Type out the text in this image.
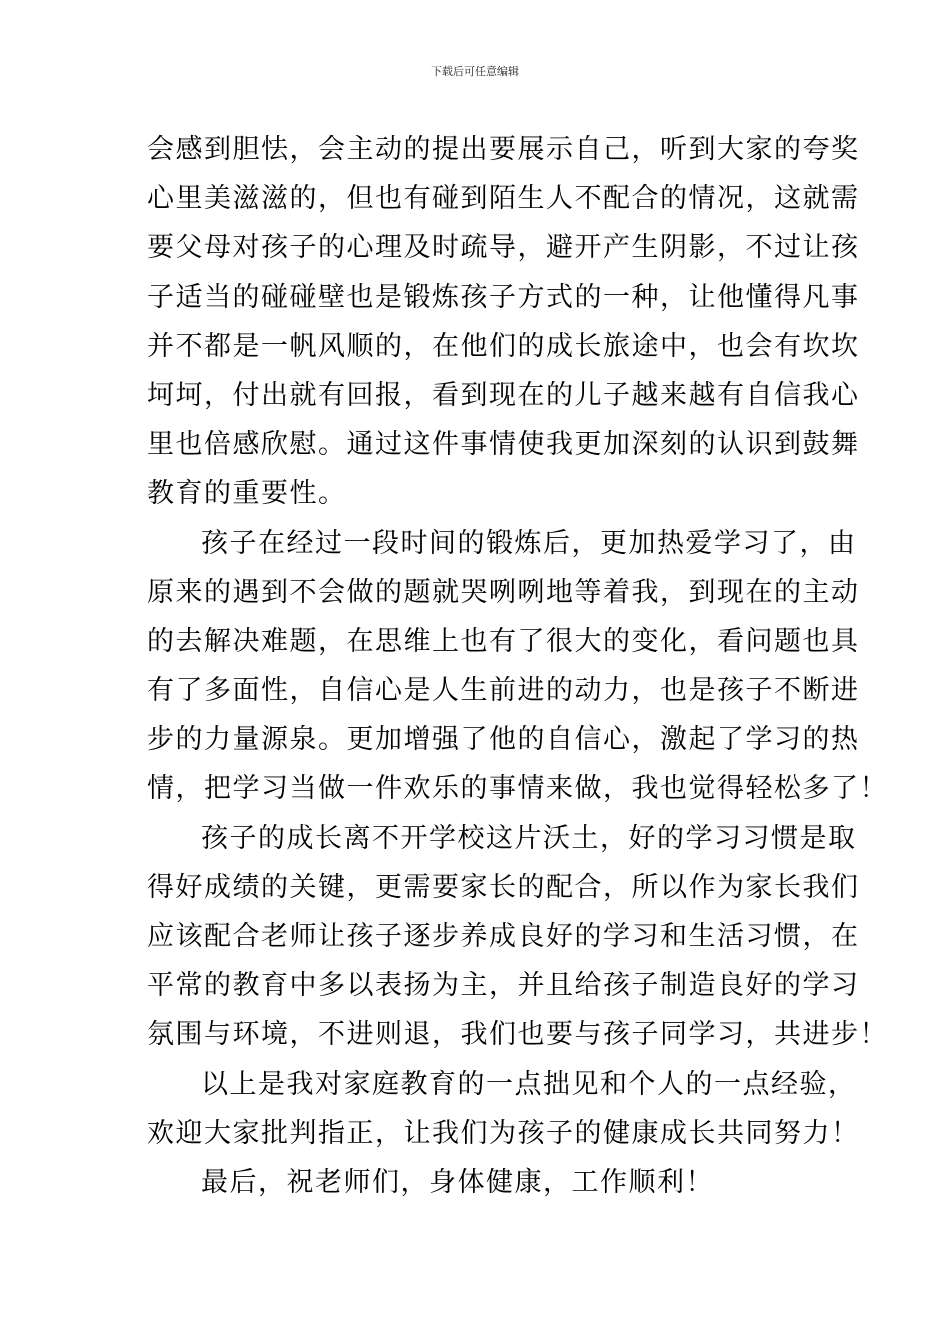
下载后可任意编辑
会感到胆怯，会主动的提出要展示自己，听到大家的夸奖
心里美滋滋的，但也有碰到陌生人不配合的情况，这就需
要父母对孩子的心理及时疏导，避开产生阴影，不过让孩
子适当的碰碰壁也是锻炼孩子方式的一种，让他懂得凡事
并不都是一帆风顺的，在他们的成长旅途中，也会有坎坎
坷坷，付出就有回报，看到现在的儿子越来越有自信我心
里也倍感欣慰。通过这件事情使我更加深刻的认识到鼓舞
教育的重要性。
孩子在经过一段时间的锻炼后，更加热爱学习了，由
原来的遇到不会做的题就哭咧咧地等着我，到现在的主动
的去解决难题，在思维上也有了很大的变化，看问题也具
有了多面性，自信心是人生前进的动力，也是孩子不断进
步的力量源泉。更加增强了他的自信心，激起了学习的热
情，把学习当做一件欢乐的事情来做，我也觉得轻松多了！
孩子的成长离不开学校这片沃土，好的学习习惯是取
得好成绩的关键，更需要家长的配合，所以作为家长我们
应该配合老师让孩子逐步养成良好的学习和生活习惯，在
平常的教育中多以表扬为主，并且给孩子制造良好的学习
氛围与环境，不进则退，我们也要与孩子同学习，共进步！
以上是我对家庭教育的一点拙见和个人的一点经验，
欢迎大家批判指正，让我们为孩子的健康成长共同努力！
最后，祝老师们，身体健康，工作顺利！
